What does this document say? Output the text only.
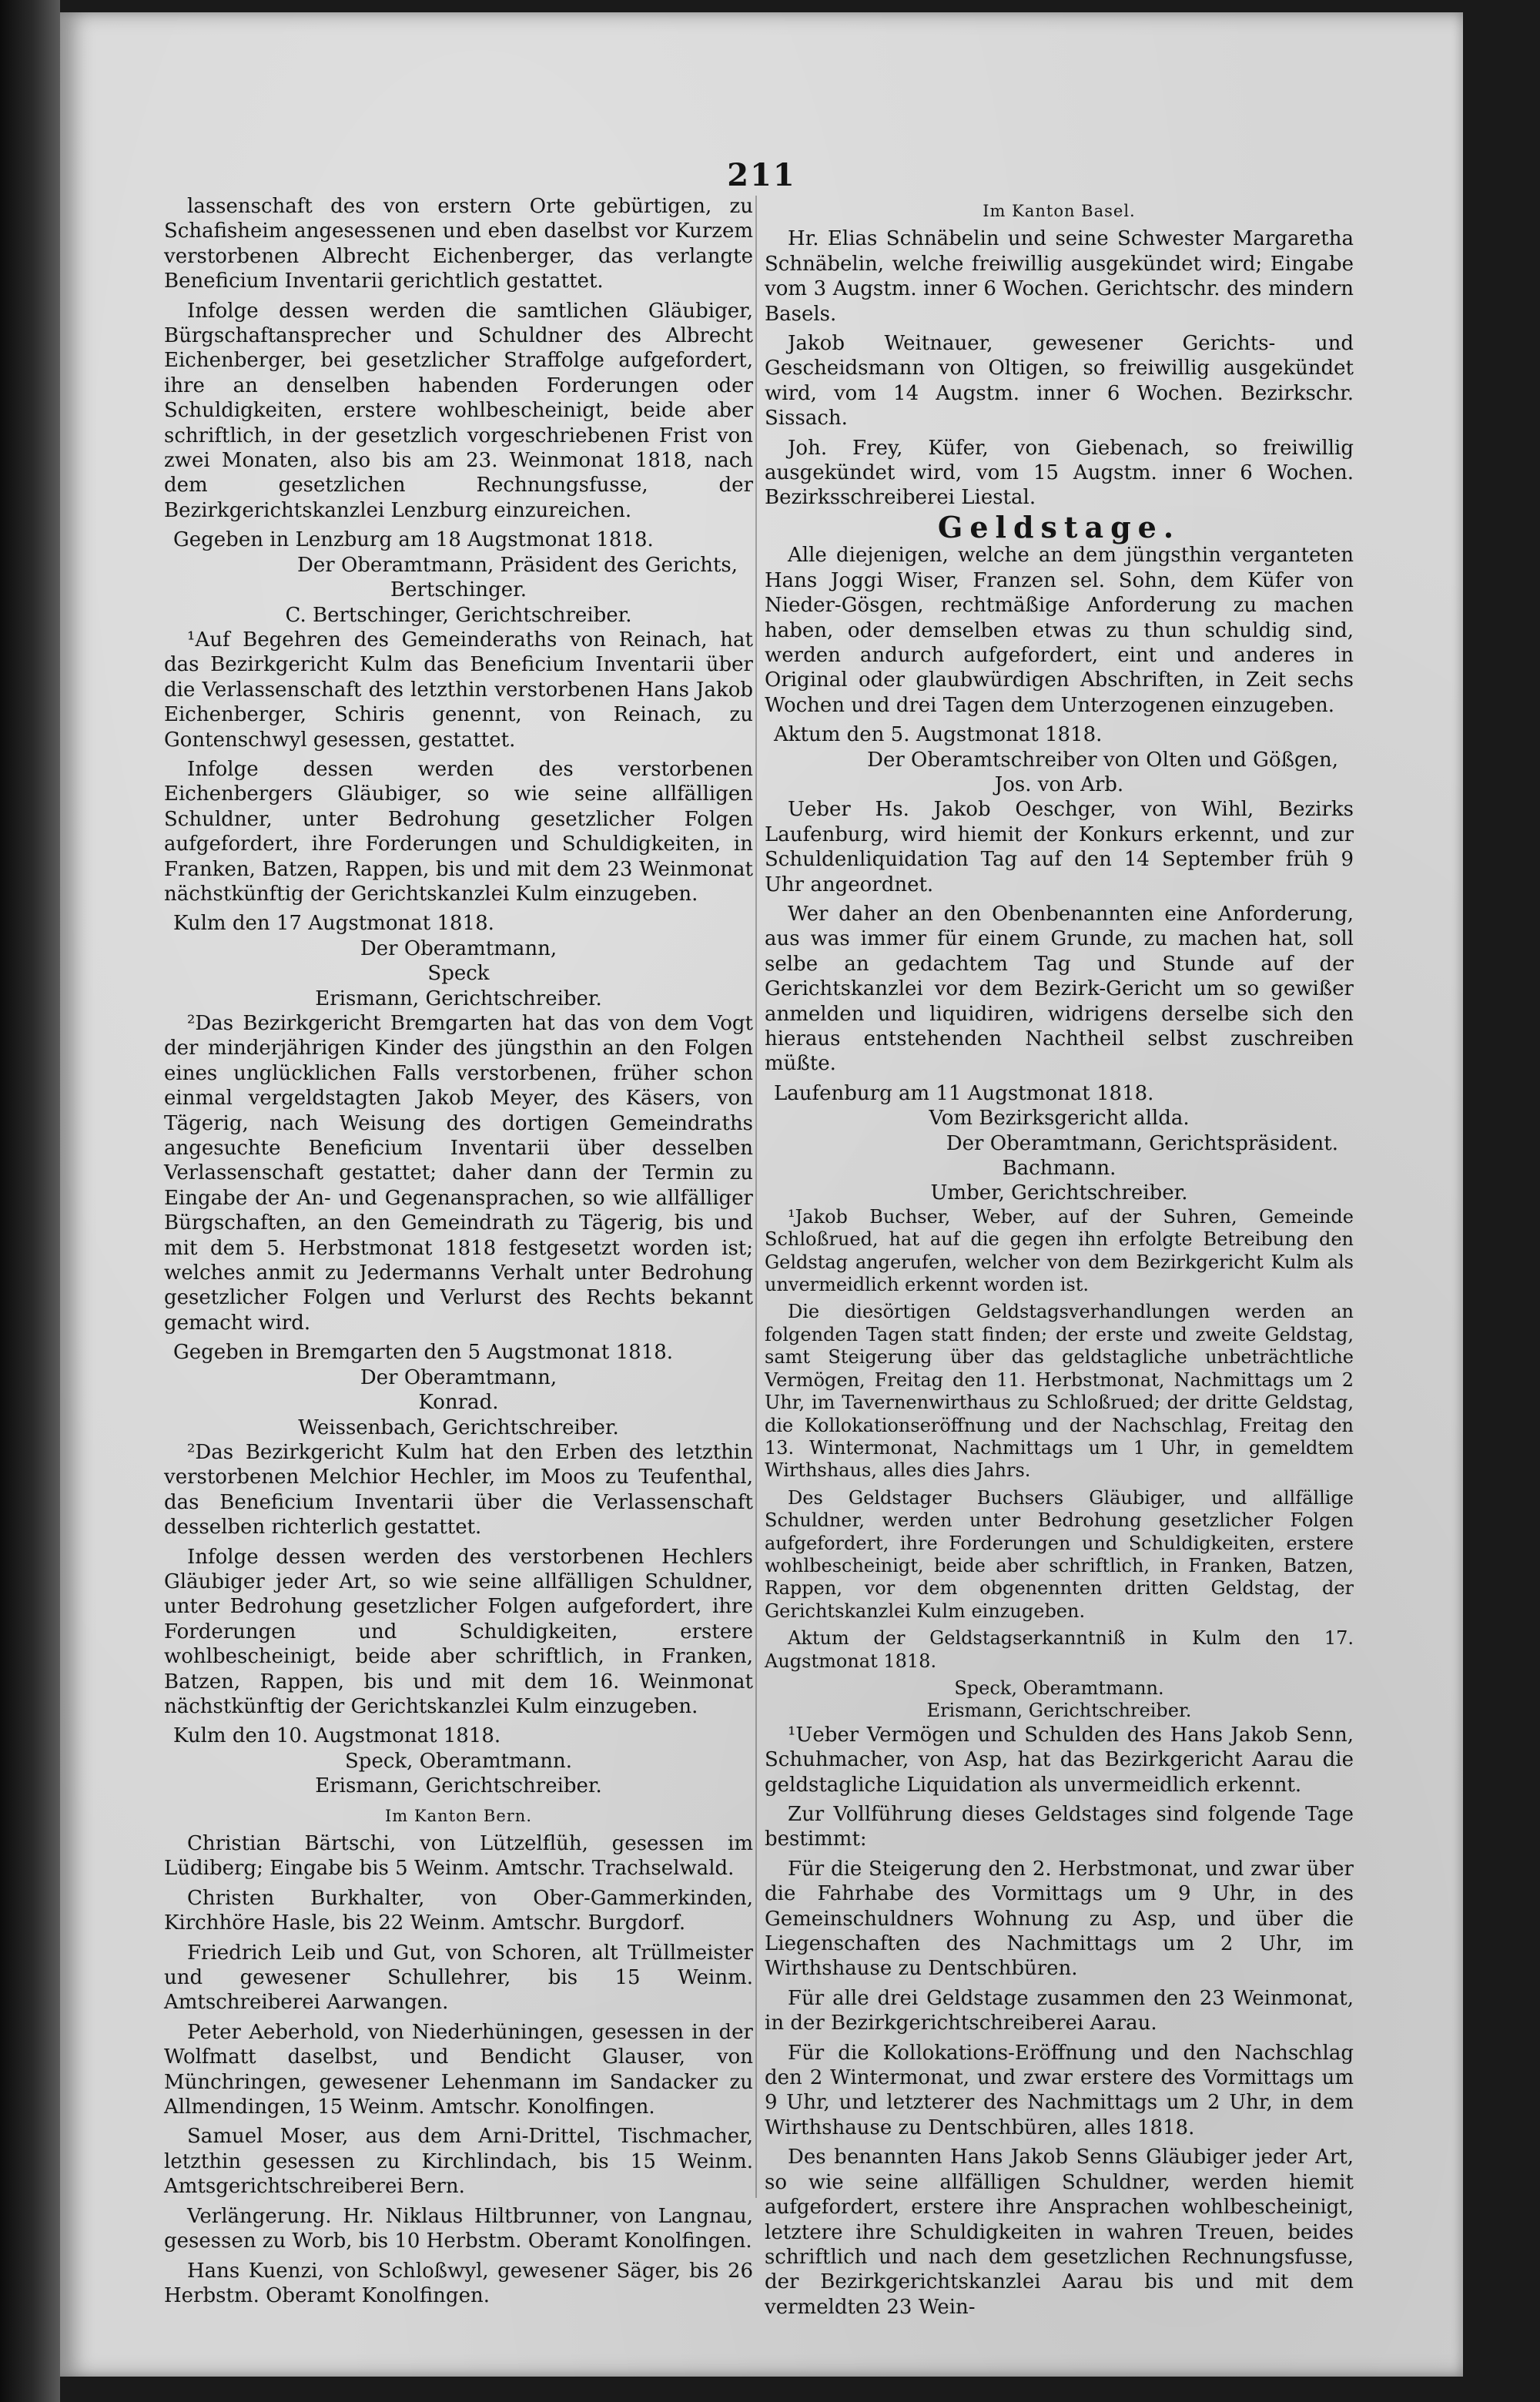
211

lassenschaft des von erstern Orte gebürtigen, zu Schafisheim angesessenen und eben daselbst vor Kurzem verstorbenen Albrecht Eichenberger, das verlangte Beneficium Inventarii gerichtlich gestattet.

Infolge dessen werden die samtlichen Gläubiger, Bürgschaftansprecher und Schuldner des Albrecht Eichenberger, bei gesetzlicher Straffolge aufgefordert, ihre an denselben habenden Forderungen oder Schuldigkeiten, erstere wohlbescheinigt, beide aber schriftlich, in der gesetzlich vorgeschriebenen Frist von zwei Monaten, also bis am 23. Weinmonat 1818, nach dem gesetzlichen Rechnungsfusse, der Bezirkgerichtskanzlei Lenzburg einzureichen.

Gegeben in Lenzburg am 18 Augstmonat 1818.

Der Oberamtmann, Präsident des Gerichts,

Bertschinger.

C. Bertschinger, Gerichtschreiber.

¹Auf Begehren des Gemeinderaths von Reinach, hat das Bezirkgericht Kulm das Beneficium Inventarii über die Verlassenschaft des letzthin verstorbenen Hans Jakob Eichenberger, Schiris genennt, von Reinach, zu Gontenschwyl gesessen, gestattet.

Infolge dessen werden des verstorbenen Eichenbergers Gläubiger, so wie seine allfälligen Schuldner, unter Bedrohung gesetzlicher Folgen aufgefordert, ihre Forderungen und Schuldigkeiten, in Franken, Batzen, Rappen, bis und mit dem 23 Weinmonat nächstkünftig der Gerichtskanzlei Kulm einzugeben.

Kulm den 17 Augstmonat 1818.

Der Oberamtmann,

Speck

Erismann, Gerichtschreiber.

²Das Bezirkgericht Bremgarten hat das von dem Vogt der minderjährigen Kinder des jüngsthin an den Folgen eines unglücklichen Falls verstorbenen, früher schon einmal vergeldstagten Jakob Meyer, des Käsers, von Tägerig, nach Weisung des dortigen Gemeindraths angesuchte Beneficium Inventarii über desselben Verlassenschaft gestattet; daher dann der Termin zu Eingabe der An- und Gegenansprachen, so wie allfälliger Bürgschaften, an den Gemeindrath zu Tägerig, bis und mit dem 5. Herbstmonat 1818 festgesetzt worden ist; welches anmit zu Jedermanns Verhalt unter Bedrohung gesetzlicher Folgen und Verlurst des Rechts bekannt gemacht wird.

Gegeben in Bremgarten den 5 Augstmonat 1818.

Der Oberamtmann,

Konrad.

Weissenbach, Gerichtschreiber.

²Das Bezirkgericht Kulm hat den Erben des letzthin verstorbenen Melchior Hechler, im Moos zu Teufenthal, das Beneficium Inventarii über die Verlassenschaft desselben richterlich gestattet.

Infolge dessen werden des verstorbenen Hechlers Gläubiger jeder Art, so wie seine allfälligen Schuldner, unter Bedrohung gesetzlicher Folgen aufgefordert, ihre Forderungen und Schuldigkeiten, erstere wohlbescheinigt, beide aber schriftlich, in Franken, Batzen, Rappen, bis und mit dem 16. Weinmonat nächstkünftig der Gerichtskanzlei Kulm einzugeben.

Kulm den 10. Augstmonat 1818.

Speck, Oberamtmann.

Erismann, Gerichtschreiber.

Im Kanton Bern.

Christian Bärtschi, von Lützelflüh, gesessen im Lüdiberg; Eingabe bis 5 Weinm. Amtschr. Trachselwald.

Christen Burkhalter, von Ober-Gammerkinden, Kirchhöre Hasle, bis 22 Weinm. Amtschr. Burgdorf.

Friedrich Leib und Gut, von Schoren, alt Trüllmeister und gewesener Schullehrer, bis 15 Weinm. Amtschreiberei Aarwangen.

Peter Aeberhold, von Niederhüningen, gesessen in der Wolfmatt daselbst, und Bendicht Glauser, von Münchringen, gewesener Lehenmann im Sandacker zu Allmendingen, 15 Weinm. Amtschr. Konolfingen.

Samuel Moser, aus dem Arni-Drittel, Tischmacher, letzthin gesessen zu Kirchlindach, bis 15 Weinm. Amtsgerichtschreiberei Bern.

Verlängerung. Hr. Niklaus Hiltbrunner, von Langnau, gesessen zu Worb, bis 10 Herbstm. Oberamt Konolfingen.

Hans Kuenzi, von Schloßwyl, gewesener Säger, bis 26 Herbstm. Oberamt Konolfingen.

Im Kanton Basel.

Hr. Elias Schnäbelin und seine Schwester Margaretha Schnäbelin, welche freiwillig ausgekündet wird; Eingabe vom 3 Augstm. inner 6 Wochen. Gerichtschr. des mindern Basels.

Jakob Weitnauer, gewesener Gerichts- und Gescheidsmann von Oltigen, so freiwillig ausgekündet wird, vom 14 Augstm. inner 6 Wochen. Bezirkschr. Sissach.

Joh. Frey, Küfer, von Giebenach, so freiwillig ausgekündet wird, vom 15 Augstm. inner 6 Wochen. Bezirksschreiberei Liestal.

Geldstage.

Alle diejenigen, welche an dem jüngsthin verganteten Hans Joggi Wiser, Franzen sel. Sohn, dem Küfer von Nieder-Gösgen, rechtmäßige Anforderung zu machen haben, oder demselben etwas zu thun schuldig sind, werden andurch aufgefordert, eint und anderes in Original oder glaubwürdigen Abschriften, in Zeit sechs Wochen und drei Tagen dem Unterzogenen einzugeben.

Aktum den 5. Augstmonat 1818.

Der Oberamtschreiber von Olten und Gößgen,

Jos. von Arb.

Ueber Hs. Jakob Oeschger, von Wihl, Bezirks Laufenburg, wird hiemit der Konkurs erkennt, und zur Schuldenliquidation Tag auf den 14 September früh 9 Uhr angeordnet.

Wer daher an den Obenbenannten eine Anforderung, aus was immer für einem Grunde, zu machen hat, soll selbe an gedachtem Tag und Stunde auf der Gerichtskanzlei vor dem Bezirk-Gericht um so gewißer anmelden und liquidiren, widrigens derselbe sich den hieraus entstehenden Nachtheil selbst zuschreiben müßte.

Laufenburg am 11 Augstmonat 1818.

Vom Bezirksgericht allda.

Der Oberamtmann, Gerichtspräsident.

Bachmann.

Umber, Gerichtschreiber.

¹Jakob Buchser, Weber, auf der Suhren, Gemeinde Schloßrued, hat auf die gegen ihn erfolgte Betreibung den Geldstag angerufen, welcher von dem Bezirkgericht Kulm als unvermeidlich erkennt worden ist.

Die diesörtigen Geldstagsverhandlungen werden an folgenden Tagen statt finden; der erste und zweite Geldstag, samt Steigerung über das geldstagliche unbeträchtliche Vermögen, Freitag den 11. Herbstmonat, Nachmittags um 2 Uhr, im Tavernenwirthaus zu Schloßrued; der dritte Geldstag, die Kollokationseröffnung und der Nachschlag, Freitag den 13. Wintermonat, Nachmittags um 1 Uhr, in gemeldtem Wirthshaus, alles dies Jahrs.

Des Geldstager Buchsers Gläubiger, und allfällige Schuldner, werden unter Bedrohung gesetzlicher Folgen aufgefordert, ihre Forderungen und Schuldigkeiten, erstere wohlbescheinigt, beide aber schriftlich, in Franken, Batzen, Rappen, vor dem obgenennten dritten Geldstag, der Gerichtskanzlei Kulm einzugeben.

Aktum der Geldstagserkanntniß in Kulm den 17. Augstmonat 1818.

Speck, Oberamtmann.

Erismann, Gerichtschreiber.

¹Ueber Vermögen und Schulden des Hans Jakob Senn, Schuhmacher, von Asp, hat das Bezirkgericht Aarau die geldstagliche Liquidation als unvermeidlich erkennt.

Zur Vollführung dieses Geldstages sind folgende Tage bestimmt:

Für die Steigerung den 2. Herbstmonat, und zwar über die Fahrhabe des Vormittags um 9 Uhr, in des Gemeinschuldners Wohnung zu Asp, und über die Liegenschaften des Nachmittags um 2 Uhr, im Wirthshause zu Dentschbüren.

Für alle drei Geldstage zusammen den 23 Weinmonat, in der Bezirkgerichtschreiberei Aarau.

Für die Kollokations-Eröffnung und den Nachschlag den 2 Wintermonat, und zwar erstere des Vormittags um 9 Uhr, und letzterer des Nachmittags um 2 Uhr, in dem Wirthshause zu Dentschbüren, alles 1818.

Des benannten Hans Jakob Senns Gläubiger jeder Art, so wie seine allfälligen Schuldner, werden hiemit aufgefordert, erstere ihre Ansprachen wohlbescheinigt, letztere ihre Schuldigkeiten in wahren Treuen, beides schriftlich und nach dem gesetzlichen Rechnungsfusse, der Bezirkgerichtskanzlei Aarau bis und mit dem vermeldten 23 Wein-
